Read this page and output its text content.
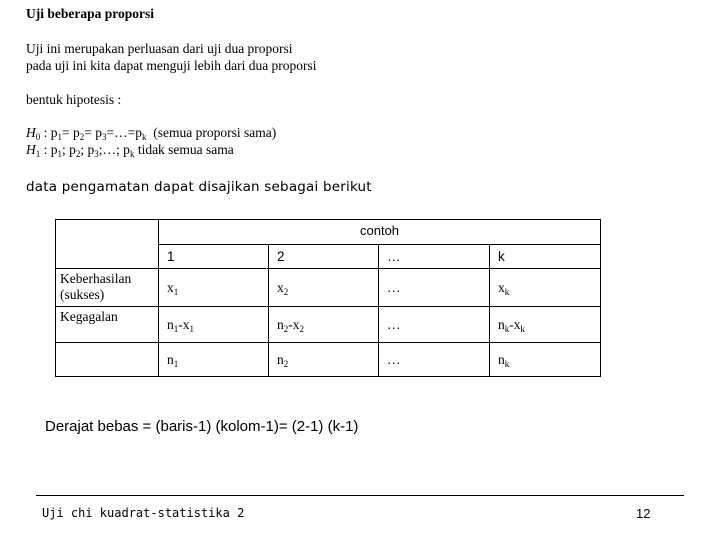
Uji beberapa proporsi
Uji ini merupakan perluasan dari uji dua proporsi
pada uji ini kita dapat menguji lebih dari dua proporsi
bentuk hipotesis :
$H_0$ : $p_1= p_2=$ $p_3=\dots=p_k$  (semua proporsi sama)
$H_1$ : $p_1$; $p_2$; $p_3;\dots$; $p_k$ tidak semua sama
data pengamatan dapat disajikan sebagai berikut
	contoh			
	1	2	…	k
Keberhasilan (sukses)	$x_1$	$x_2$	…	$x_k$
Kegagalan	$n_1-x_1$	$n_2-x_2$	…	$n_k-x_k$
	$n_1$	$n_2$	…	$n_k$
Derajat bebas = (baris-1) (kolom-1)= (2-1) (k-1)
Uji chi kuadrat-statistika 2	12
